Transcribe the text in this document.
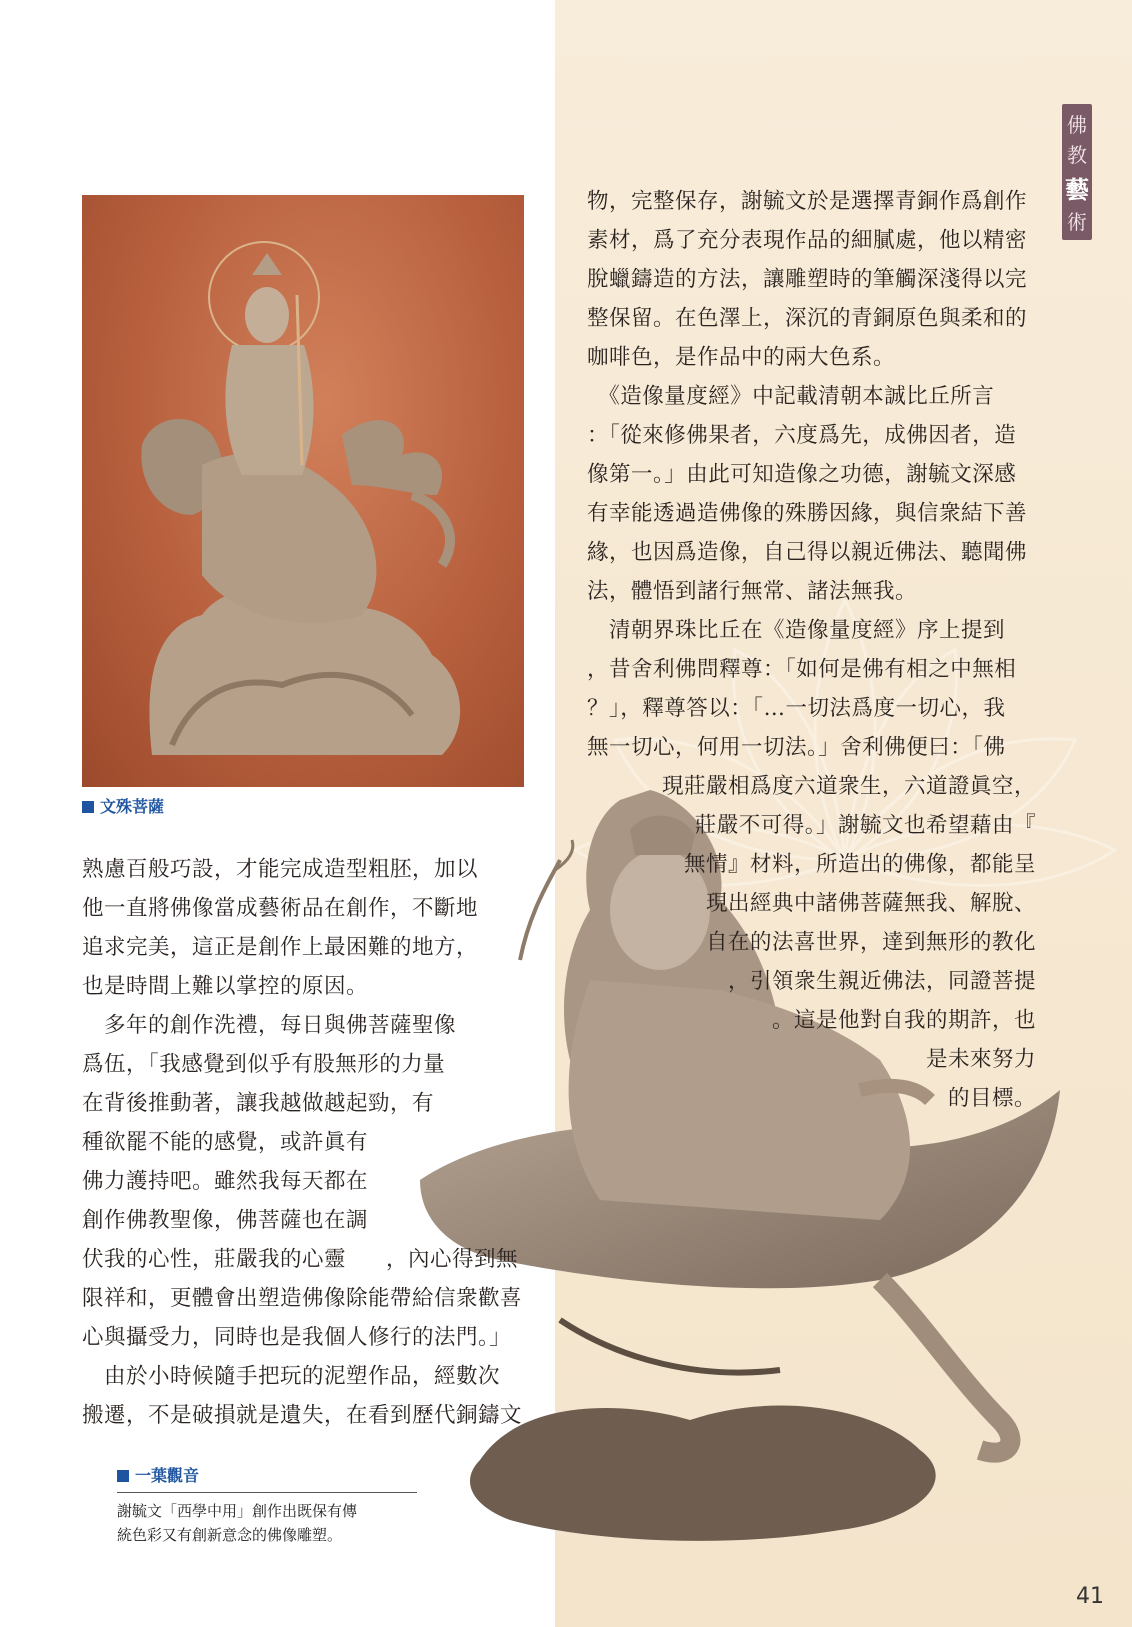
佛
教
藝
術
文殊菩薩

物，完整保存，謝毓文於是選擇青銅作爲創作

素材，爲了充分表現作品的細膩處，他以精密

脫蠟鑄造的方法，讓雕塑時的筆觸深淺得以完

整保留。在色澤上，深沉的青銅原色與柔和的

咖啡色，是作品中的兩大色系。

　《造像量度經》中記載清朝本誠比丘所言

：「從來修佛果者，六度爲先，成佛因者，造

像第一。」由此可知造像之功德，謝毓文深感

有幸能透過造佛像的殊勝因緣，與信衆結下善

緣，也因爲造像，自己得以親近佛法、聽聞佛

法，體悟到諸行無常、諸法無我。

　清朝界珠比丘在《造像量度經》序上提到

，昔舍利佛問釋尊：「如何是佛有相之中無相

？」，釋尊答以：「…一切法爲度一切心，我

無一切心，何用一切法。」舍利佛便曰：「佛

現莊嚴相爲度六道衆生，六道證眞空，

莊嚴不可得。」謝毓文也希望藉由『

無情』材料，所造出的佛像，都能呈

現出經典中諸佛菩薩無我、解脫、

自在的法喜世界，達到無形的教化

，引領衆生親近佛法，同證菩提

。這是他對自我的期許，也

是未來努力

的目標。

熟慮百般巧設，才能完成造型粗胚，加以

他一直將佛像當成藝術品在創作，不斷地

追求完美，這正是創作上最困難的地方，

也是時間上難以掌控的原因。

　多年的創作洗禮，每日與佛菩薩聖像

爲伍，「我感覺到似乎有股無形的力量

在背後推動著，讓我越做越起勁，有

種欲罷不能的感覺，或許眞有

佛力護持吧。雖然我每天都在

創作佛教聖像，佛菩薩也在調

伏我的心性，莊嚴我的心靈 ，內心得到無

限祥和，更體會出塑造佛像除能帶給信衆歡喜

心與攝受力，同時也是我個人修行的法門。」

　由於小時候隨手把玩的泥塑作品，經數次

搬遷，不是破損就是遺失，在看到歷代銅鑄文

一葉觀音
謝毓文「西學中用」創作出既保有傳
統色彩又有創新意念的佛像雕塑。
41
